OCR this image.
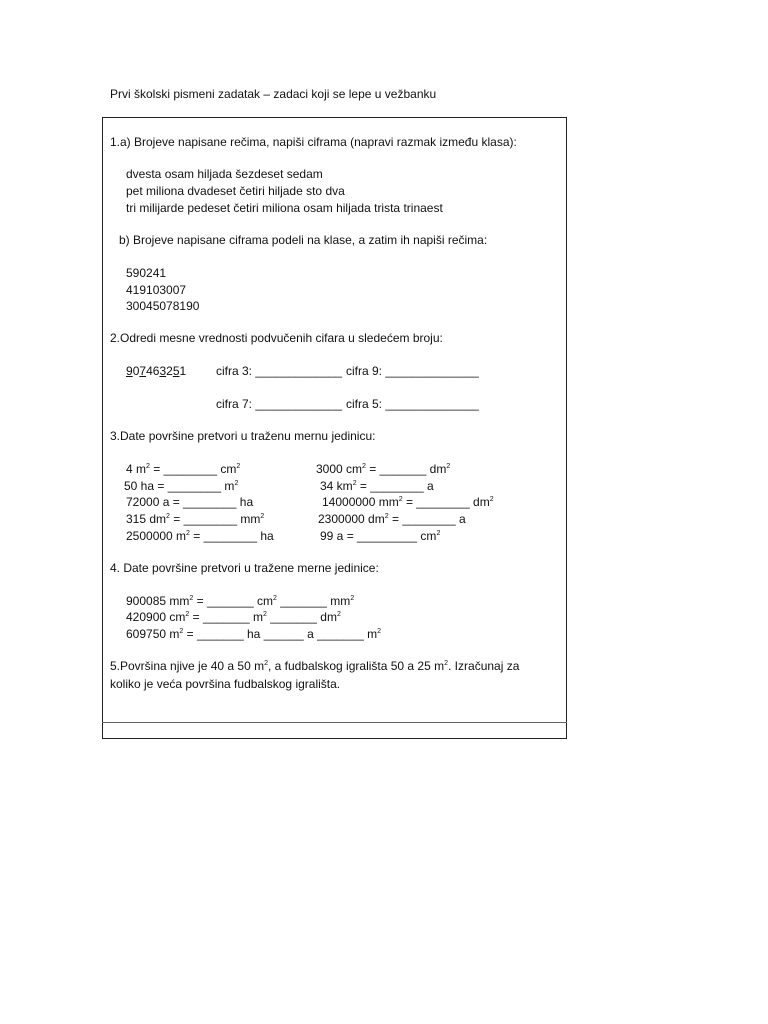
Prvi školski pismeni zadatak – zadaci koji se lepe u vežbanku
1.a) Brojeve napisane rečima, napiši ciframa (napravi razmak između klasa):
dvesta osam hiljada šezdeset sedam
pet miliona dvadeset četiri hiljade sto dva
tri milijarde pedeset četiri miliona osam hiljada trista trinaest
b) Brojeve napisane ciframa podeli na klase, a zatim ih napiši rečima:
590241
419103007
30045078190
2.Odredi mesne vrednosti podvučenih cifara u sledećem broju:
907463251 cifra 3: _____________ cifra 9: ______________
cifra 7: _____________ cifra 5: ______________
3.Date površine pretvori u traženu mernu jedinicu:
4 $m^2$ = ________ $cm^2$
50 ha = ________ $m^2$
72000 a = ________ ha
315 $dm^2$ = ________ $mm^2$
2500000 $m^2$ = ________ ha
3000 $cm^2$ = _______ $dm^2$
34 $km^2$ = ________ a
14000000 $mm^2$ = ________ $dm^2$
2300000 $dm^2$ = ________ a
99 a = _________ $cm^2$
4. Date površine pretvori u tražene merne jedinice:
900085 $mm^2$ = _______ $cm^2$ _______ $mm^2$
420900 $cm^2$ = _______ $m^2$ _______ $dm^2$
609750 $m^2$ = _______ ha ______ a _______ $m^2$
5.Površina njive je 40 a 50 $m^2$, a fudbalskog igrališta 50 a 25 $m^2$. Izračunaj za
koliko je veća površina fudbalskog igrališta.
